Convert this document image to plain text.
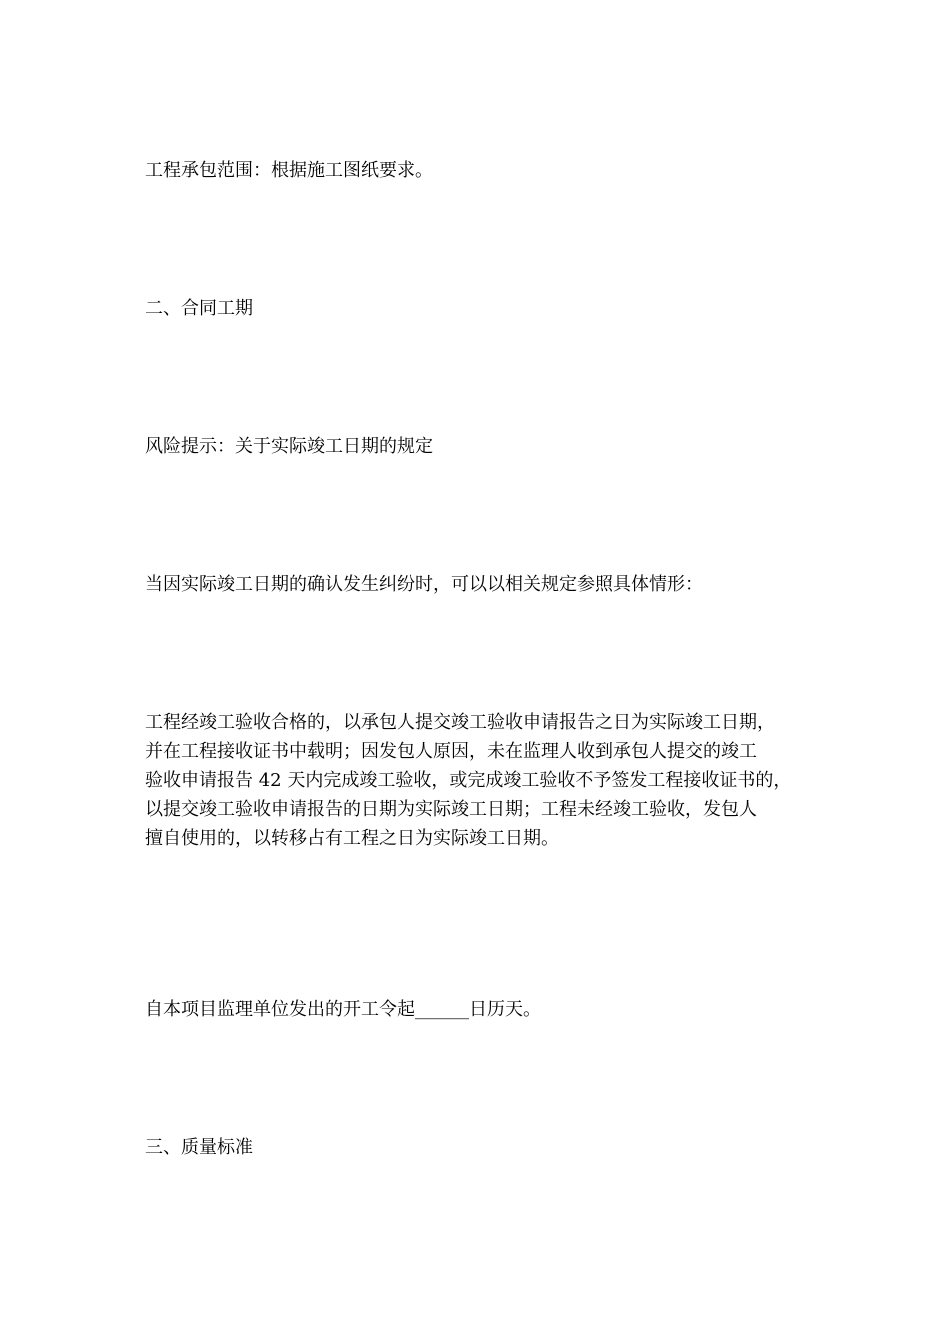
工程承包范围：根据施工图纸要求。

二、合同工期

风险提示：关于实际竣工日期的规定

当因实际竣工日期的确认发生纠纷时，可以以相关规定参照具体情形：

工程经竣工验收合格的，以承包人提交竣工验收申请报告之日为实际竣工日期，
并在工程接收证书中载明；因发包人原因，未在监理人收到承包人提交的竣工
验收申请报告 42 天内完成竣工验收，或完成竣工验收不予签发工程接收证书的，
以提交竣工验收申请报告的日期为实际竣工日期；工程未经竣工验收，发包人
擅自使用的，以转移占有工程之日为实际竣工日期。

自本项目监理单位发出的开工令起______日历天。

三、质量标准
